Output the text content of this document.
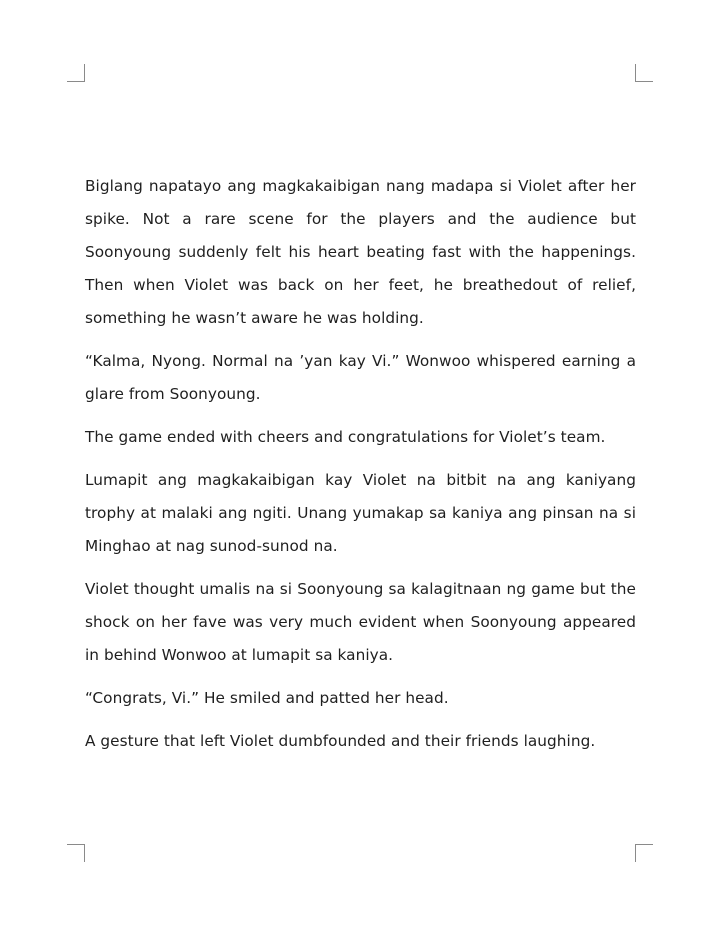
Biglang napatayo ang magkakaibigan nang madapa si Violet after her spike. Not a rare scene for the players and the audience but Soonyoung suddenly felt his heart beating fast with the happenings. Then when Violet was back on her feet, he breathedout of relief, something he wasn’t aware he was holding.

“Kalma, Nyong. Normal na ’yan kay Vi.” Wonwoo whispered earning a glare from Soonyoung.

The game ended with cheers and congratulations for Violet’s team.

Lumapit ang magkakaibigan kay Violet na bitbit na ang kaniyang trophy at malaki ang ngiti. Unang yumakap sa kaniya ang pinsan na si Minghao at nag sunod-sunod na.

Violet thought umalis na si Soonyoung sa kalagitnaan ng game but the shock on her fave was very much evident when Soonyoung appeared in behind Wonwoo at lumapit sa kaniya.

“Congrats, Vi.” He smiled and patted her head.

A gesture that left Violet dumbfounded and their friends laughing.
